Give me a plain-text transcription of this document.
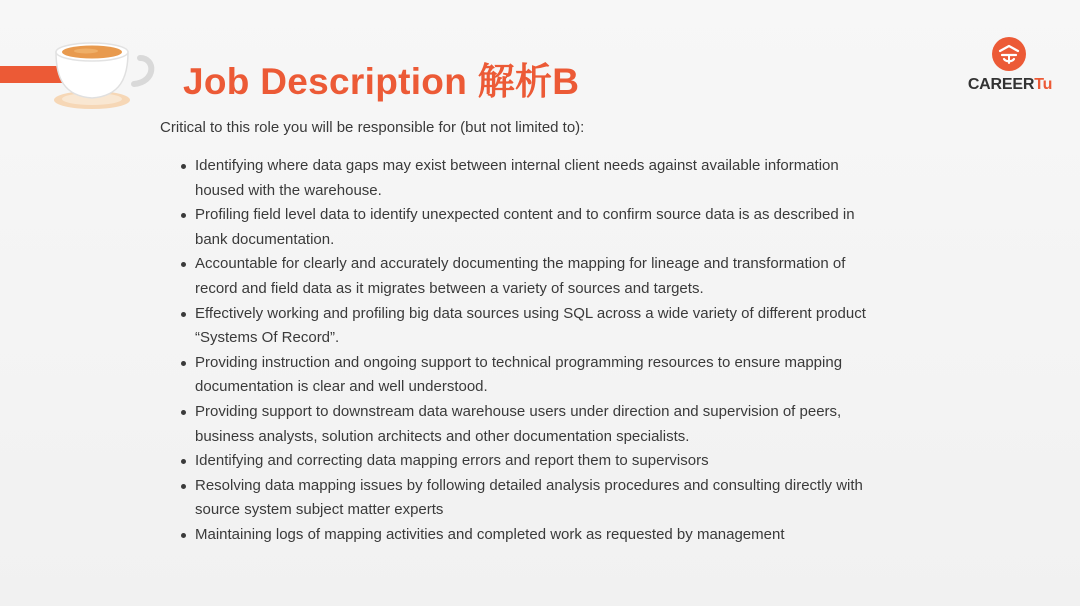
Job Description 解析B	CAREERTu
Critical to this role you will be responsible for (but not limited to):
Identifying where data gaps may exist between internal client needs against available information
housed with the warehouse.
Profiling field level data to identify unexpected content and to confirm source data is as described in
bank documentation.
Accountable for clearly and accurately documenting the mapping for lineage and transformation of
record and field data as it migrates between a variety of sources and targets.
Effectively working and profiling big data sources using SQL across a wide variety of different product
“Systems Of Record”.
Providing instruction and ongoing support to technical programming resources to ensure mapping
documentation is clear and well understood.
Providing support to downstream data warehouse users under direction and supervision of peers,
business analysts, solution architects and other documentation specialists.
Identifying and correcting data mapping errors and report them to supervisors
Resolving data mapping issues by following detailed analysis procedures and consulting directly with
source system subject matter experts
Maintaining logs of mapping activities and completed work as requested by management
